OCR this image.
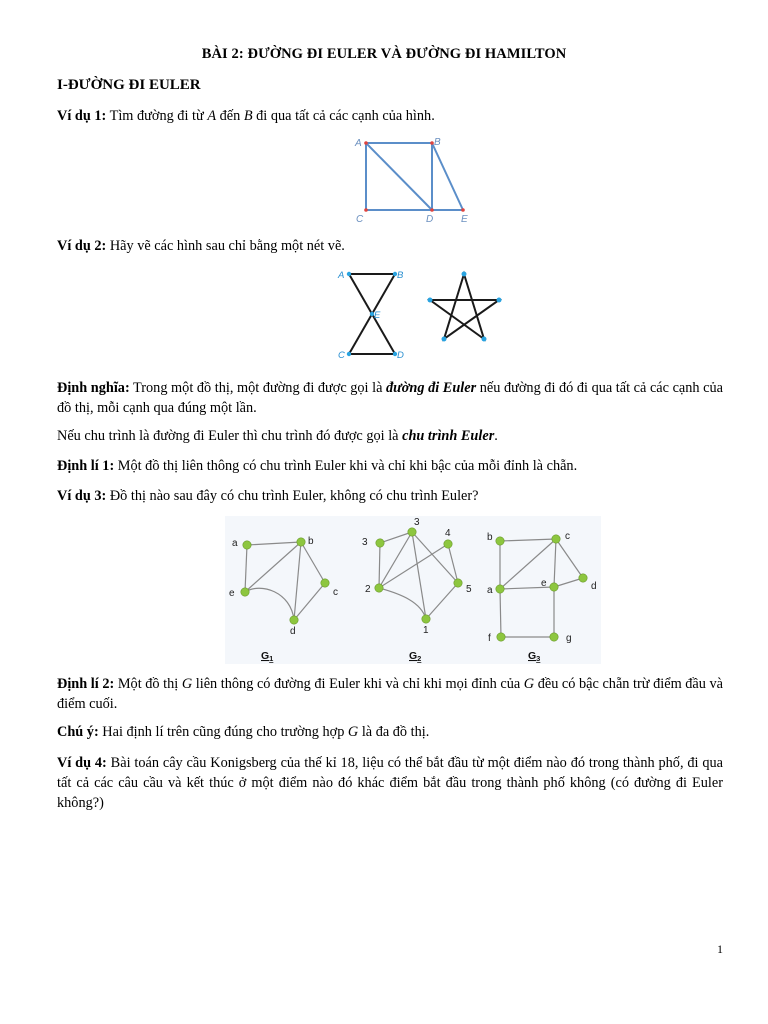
BÀI 2: ĐƯỜNG ĐI EULER VÀ ĐƯỜNG ĐI HAMILTON
I-ĐƯỜNG ĐI EULER
Ví dụ 1: Tìm đường đi từ A đến B đi qua tất cả các cạnh của hình.
A	B
C	D	E
Ví dụ 2: Hãy vẽ các hình sau chỉ bằng một nét vẽ.
A	B
E
C	D
Định nghĩa: Trong một đồ thị, một đường đi được gọi là đường đi Euler nếu đường đi đó đi qua tất cả các cạnh của đồ thị, mỗi cạnh qua đúng một lần.
Nếu chu trình là đường đi Euler thì chu trình đó được gọi là chu trình Euler.
Định lí 1: Một đồ thị liên thông có chu trình Euler khi và chỉ khi bậc của mỗi đỉnh là chẵn.
Ví dụ 3: Đồ thị nào sau đây có chu trình Euler, không có chu trình Euler?
a	b
c
d
e
1
2
3
4
5
3
a
b	c
d
e
f	g
G1	G2	G3
Định lí 2: Một đồ thị G liên thông có đường đi Euler khi và chỉ khi mọi đỉnh của G đều có bậc chẵn trừ điểm đầu và điểm cuối.
Chú ý: Hai định lí trên cũng đúng cho trường hợp G là đa đồ thị.
Ví dụ 4: Bài toán cây cầu Konigsberg của thế kỉ 18, liệu có thể bắt đầu từ một điểm nào đó trong thành phố, đi qua tất cả các câu cầu và kết thúc ở một điểm nào đó khác điểm bắt đầu trong thành phố không (có đường đi Euler không?)
1
